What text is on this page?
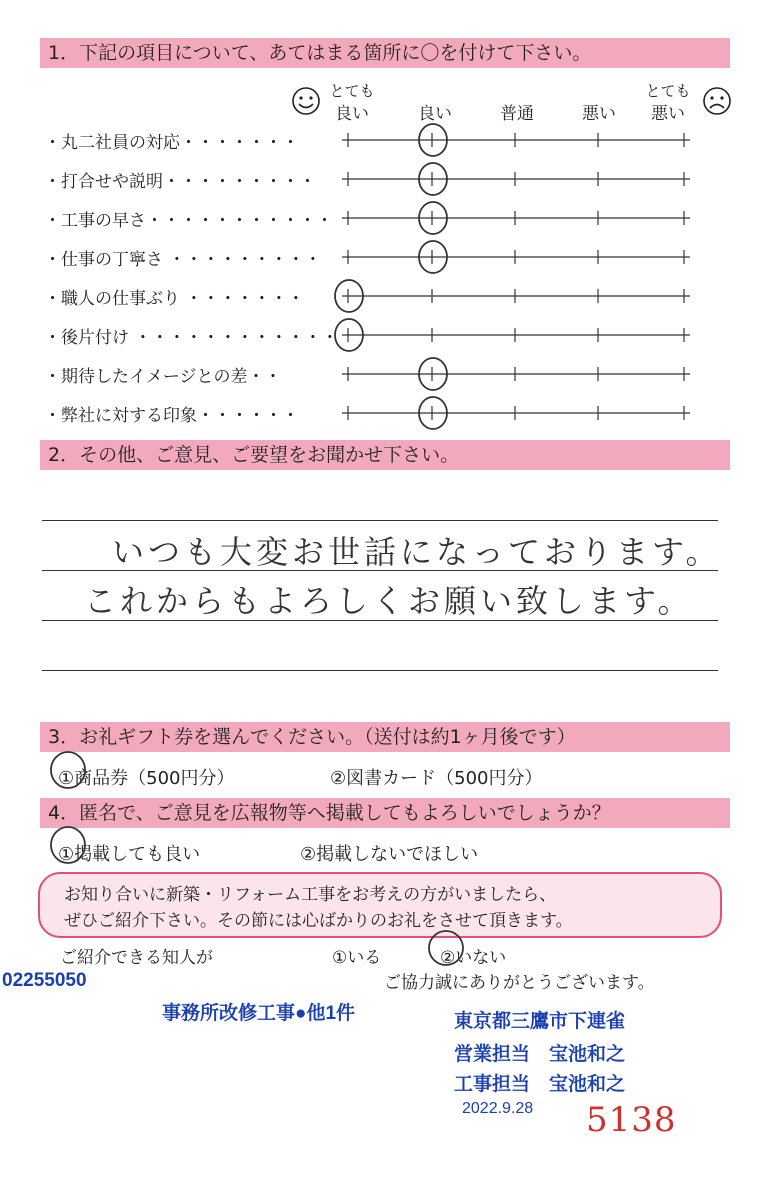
1．下記の項目について、あてはまる箇所に〇を付けて下さい。
とても
良い	良い	普通	悪い
とても
悪い
・丸二社員の対応・・・・・・・
・打合せや説明・・・・・・・・・
・工事の早さ・・・・・・・・・・・
・仕事の丁寧さ ・・・・・・・・・
・職人の仕事ぶり ・・・・・・・
・後片付け ・・・・・・・・・・・・
・期待したイメージとの差・・
・弊社に対する印象・・・・・・
2．その他、ご意見、ご要望をお聞かせ下さい。
いつも大変お世話になっております。
これからもよろしくお願い致します。
3．お礼ギフト券を選んでください。（送付は約1ヶ月後です）
①商品券（500円分）	②図書カード（500円分）
4．匿名で、ご意見を広報物等へ掲載してもよろしいでしょうか？
①掲載しても良い	②掲載しないでほしい
お知り合いに新築・リフォーム工事をお考えの方がいましたら、
ぜひご紹介下さい。その節には心ばかりのお礼をさせて頂きます。
ご紹介できる知人が	①いる	②いない
ご協力誠にありがとうございます。
02255050
事務所改修工事●他1件	東京都三鷹市下連雀
営業担当　宝池和之
工事担当　宝池和之
2022.9.28 5138
